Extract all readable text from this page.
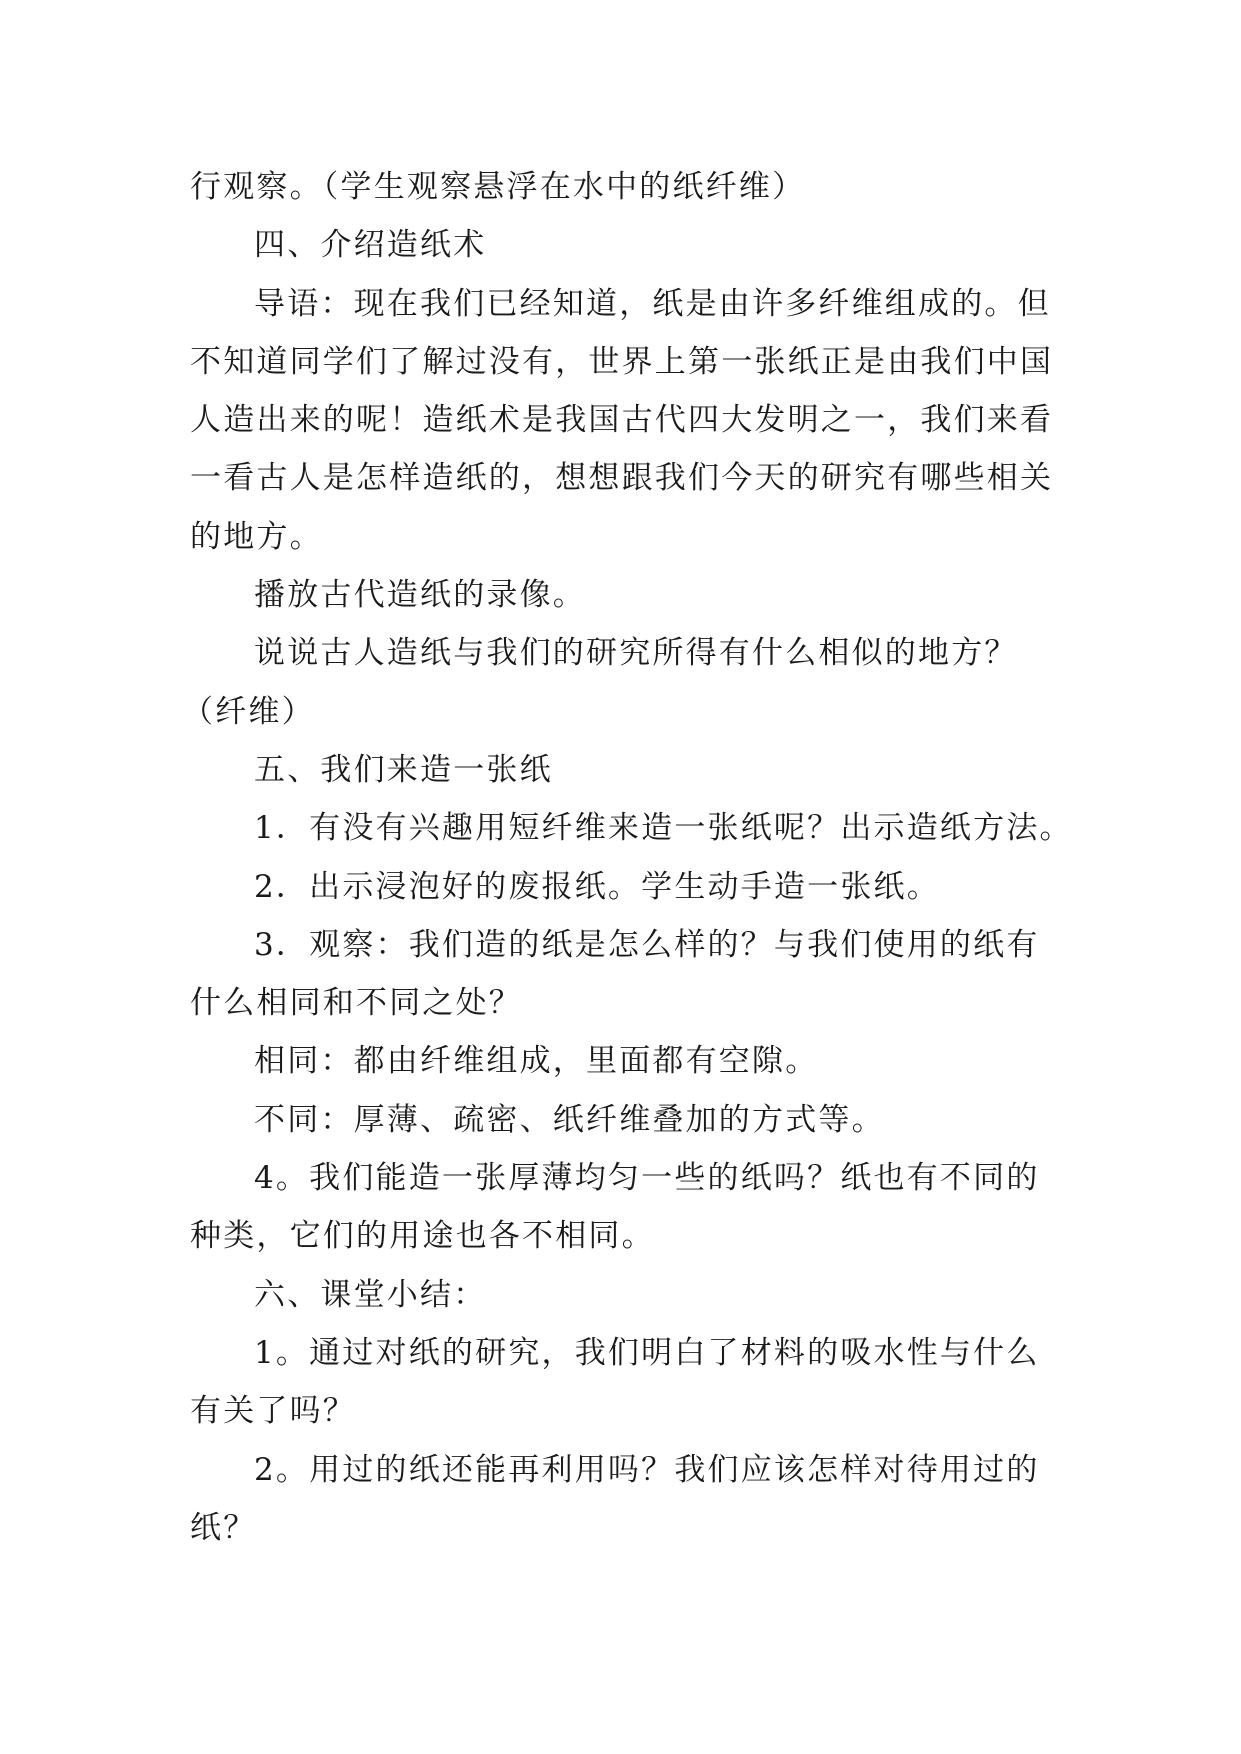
行观察。（学生观察悬浮在水中的纸纤维）
四、介绍造纸术
导语：现在我们已经知道，纸是由许多纤维组成的。但
不知道同学们了解过没有，世界上第一张纸正是由我们中国
人造出来的呢！造纸术是我国古代四大发明之一，我们来看
一看古人是怎样造纸的，想想跟我们今天的研究有哪些相关
的地方。
播放古代造纸的录像。
说说古人造纸与我们的研究所得有什么相似的地方？
（纤维）
五、我们来造一张纸
1．有没有兴趣用短纤维来造一张纸呢？出示造纸方法。
2．出示浸泡好的废报纸。学生动手造一张纸。
3．观察：我们造的纸是怎么样的？与我们使用的纸有
什么相同和不同之处？
相同：都由纤维组成，里面都有空隙。
不同：厚薄、疏密、纸纤维叠加的方式等。
4。我们能造一张厚薄均匀一些的纸吗？纸也有不同的
种类，它们的用途也各不相同。
六、课堂小结：
1。通过对纸的研究，我们明白了材料的吸水性与什么
有关了吗？
2。用过的纸还能再利用吗？我们应该怎样对待用过的
纸？
